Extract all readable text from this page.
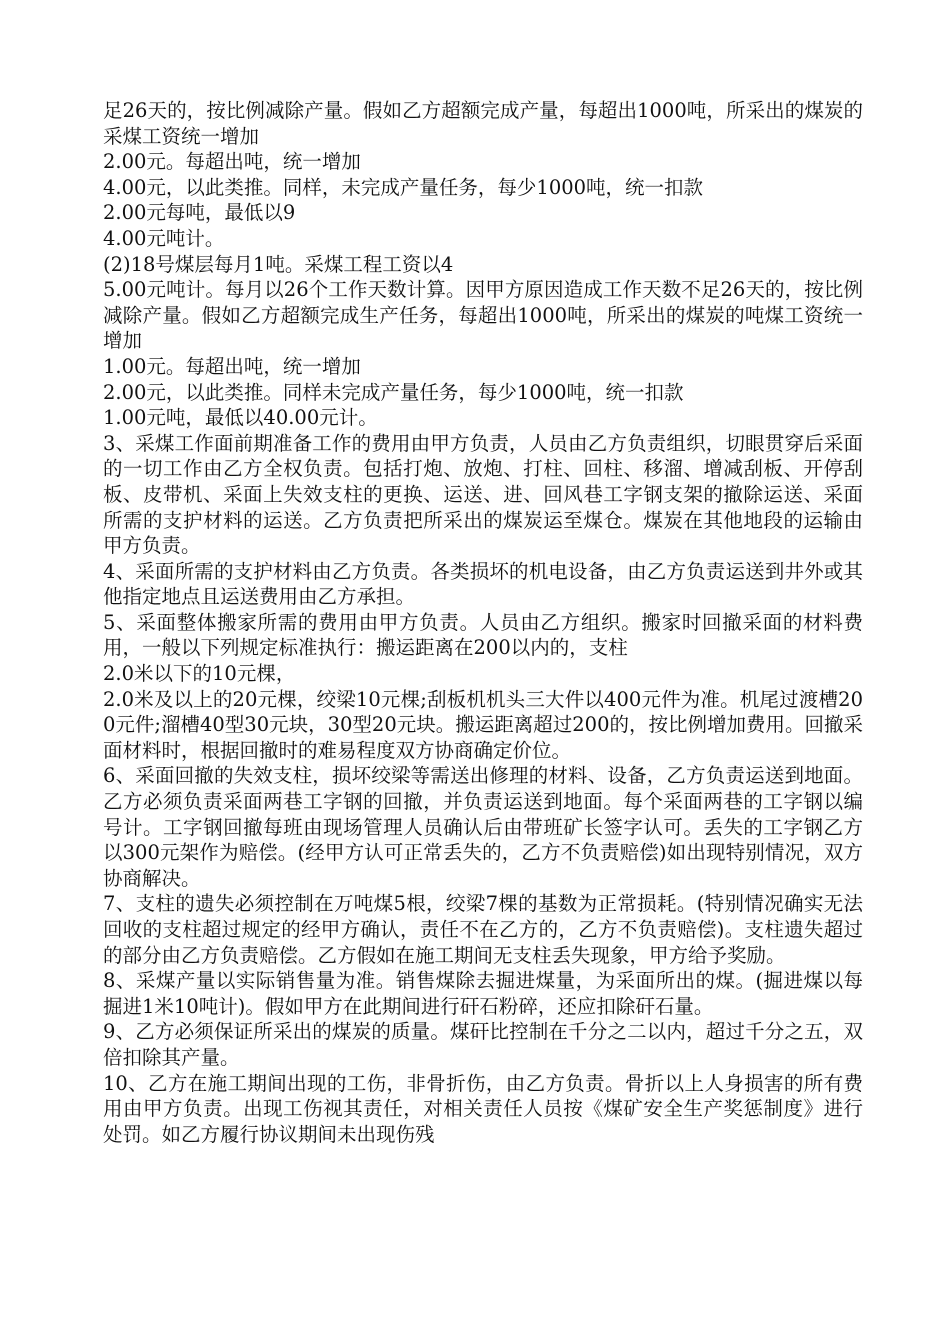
足26天的，按比例减除产量。假如乙方超额完成产量，每超出1000吨，所采出的煤炭的采煤工资统一增加

2.00元。每超出吨，统一增加

4.00元，以此类推。同样，未完成产量任务，每少1000吨，统一扣款

2.00元每吨，最低以9

4.00元吨计。

(2)18号煤层每月1吨。采煤工程工资以4

5.00元吨计。每月以26个工作天数计算。因甲方原因造成工作天数不足26天的，按比例减除产量。假如乙方超额完成生产任务，每超出1000吨，所采出的煤炭的吨煤工资统一增加

1.00元。每超出吨，统一增加

2.00元，以此类推。同样未完成产量任务，每少1000吨，统一扣款

1.00元吨，最低以40.00元计。

3、采煤工作面前期准备工作的费用由甲方负责，人员由乙方负责组织，切眼贯穿后采面的一切工作由乙方全权负责。包括打炮、放炮、打柱、回柱、移溜、增减刮板、开停刮板、皮带机、采面上失效支柱的更换、运送、进、回风巷工字钢支架的撤除运送、采面所需的支护材料的运送。乙方负责把所采出的煤炭运至煤仓。煤炭在其他地段的运输由甲方负责。

4、采面所需的支护材料由乙方负责。各类损坏的机电设备，由乙方负责运送到井外或其他指定地点且运送费用由乙方承担。

5、采面整体搬家所需的费用由甲方负责。人员由乙方组织。搬家时回撤采面的材料费用，一般以下列规定标准执行：搬运距离在200以内的，支柱

2.0米以下的10元棵，

2.0米及以上的20元棵，绞梁10元棵;刮板机机头三大件以400元件为准。机尾过渡槽200元件;溜槽40型30元块，30型20元块。搬运距离超过200的，按比例增加费用。回撤采面材料时，根据回撤时的难易程度双方协商确定价位。

6、采面回撤的失效支柱，损坏绞梁等需送出修理的材料、设备，乙方负责运送到地面。乙方必须负责采面两巷工字钢的回撤，并负责运送到地面。每个采面两巷的工字钢以编号计。工字钢回撤每班由现场管理人员确认后由带班矿长签字认可。丢失的工字钢乙方以300元架作为赔偿。(经甲方认可正常丢失的，乙方不负责赔偿)如出现特别情况，双方协商解决。

7、支柱的遗失必须控制在万吨煤5根，绞梁7棵的基数为正常损耗。(特别情况确实无法回收的支柱超过规定的经甲方确认，责任不在乙方的，乙方不负责赔偿)。支柱遗失超过的部分由乙方负责赔偿。乙方假如在施工期间无支柱丢失现象，甲方给予奖励。

8、采煤产量以实际销售量为准。销售煤除去掘进煤量，为采面所出的煤。(掘进煤以每掘进1米10吨计)。假如甲方在此期间进行矸石粉碎，还应扣除矸石量。

9、乙方必须保证所采出的煤炭的质量。煤矸比控制在千分之二以内，超过千分之五，双倍扣除其产量。

10、乙方在施工期间出现的工伤，非骨折伤，由乙方负责。骨折以上人身损害的所有费用由甲方负责。出现工伤视其责任，对相关责任人员按《煤矿安全生产奖惩制度》进行处罚。如乙方履行协议期间未出现伤残
